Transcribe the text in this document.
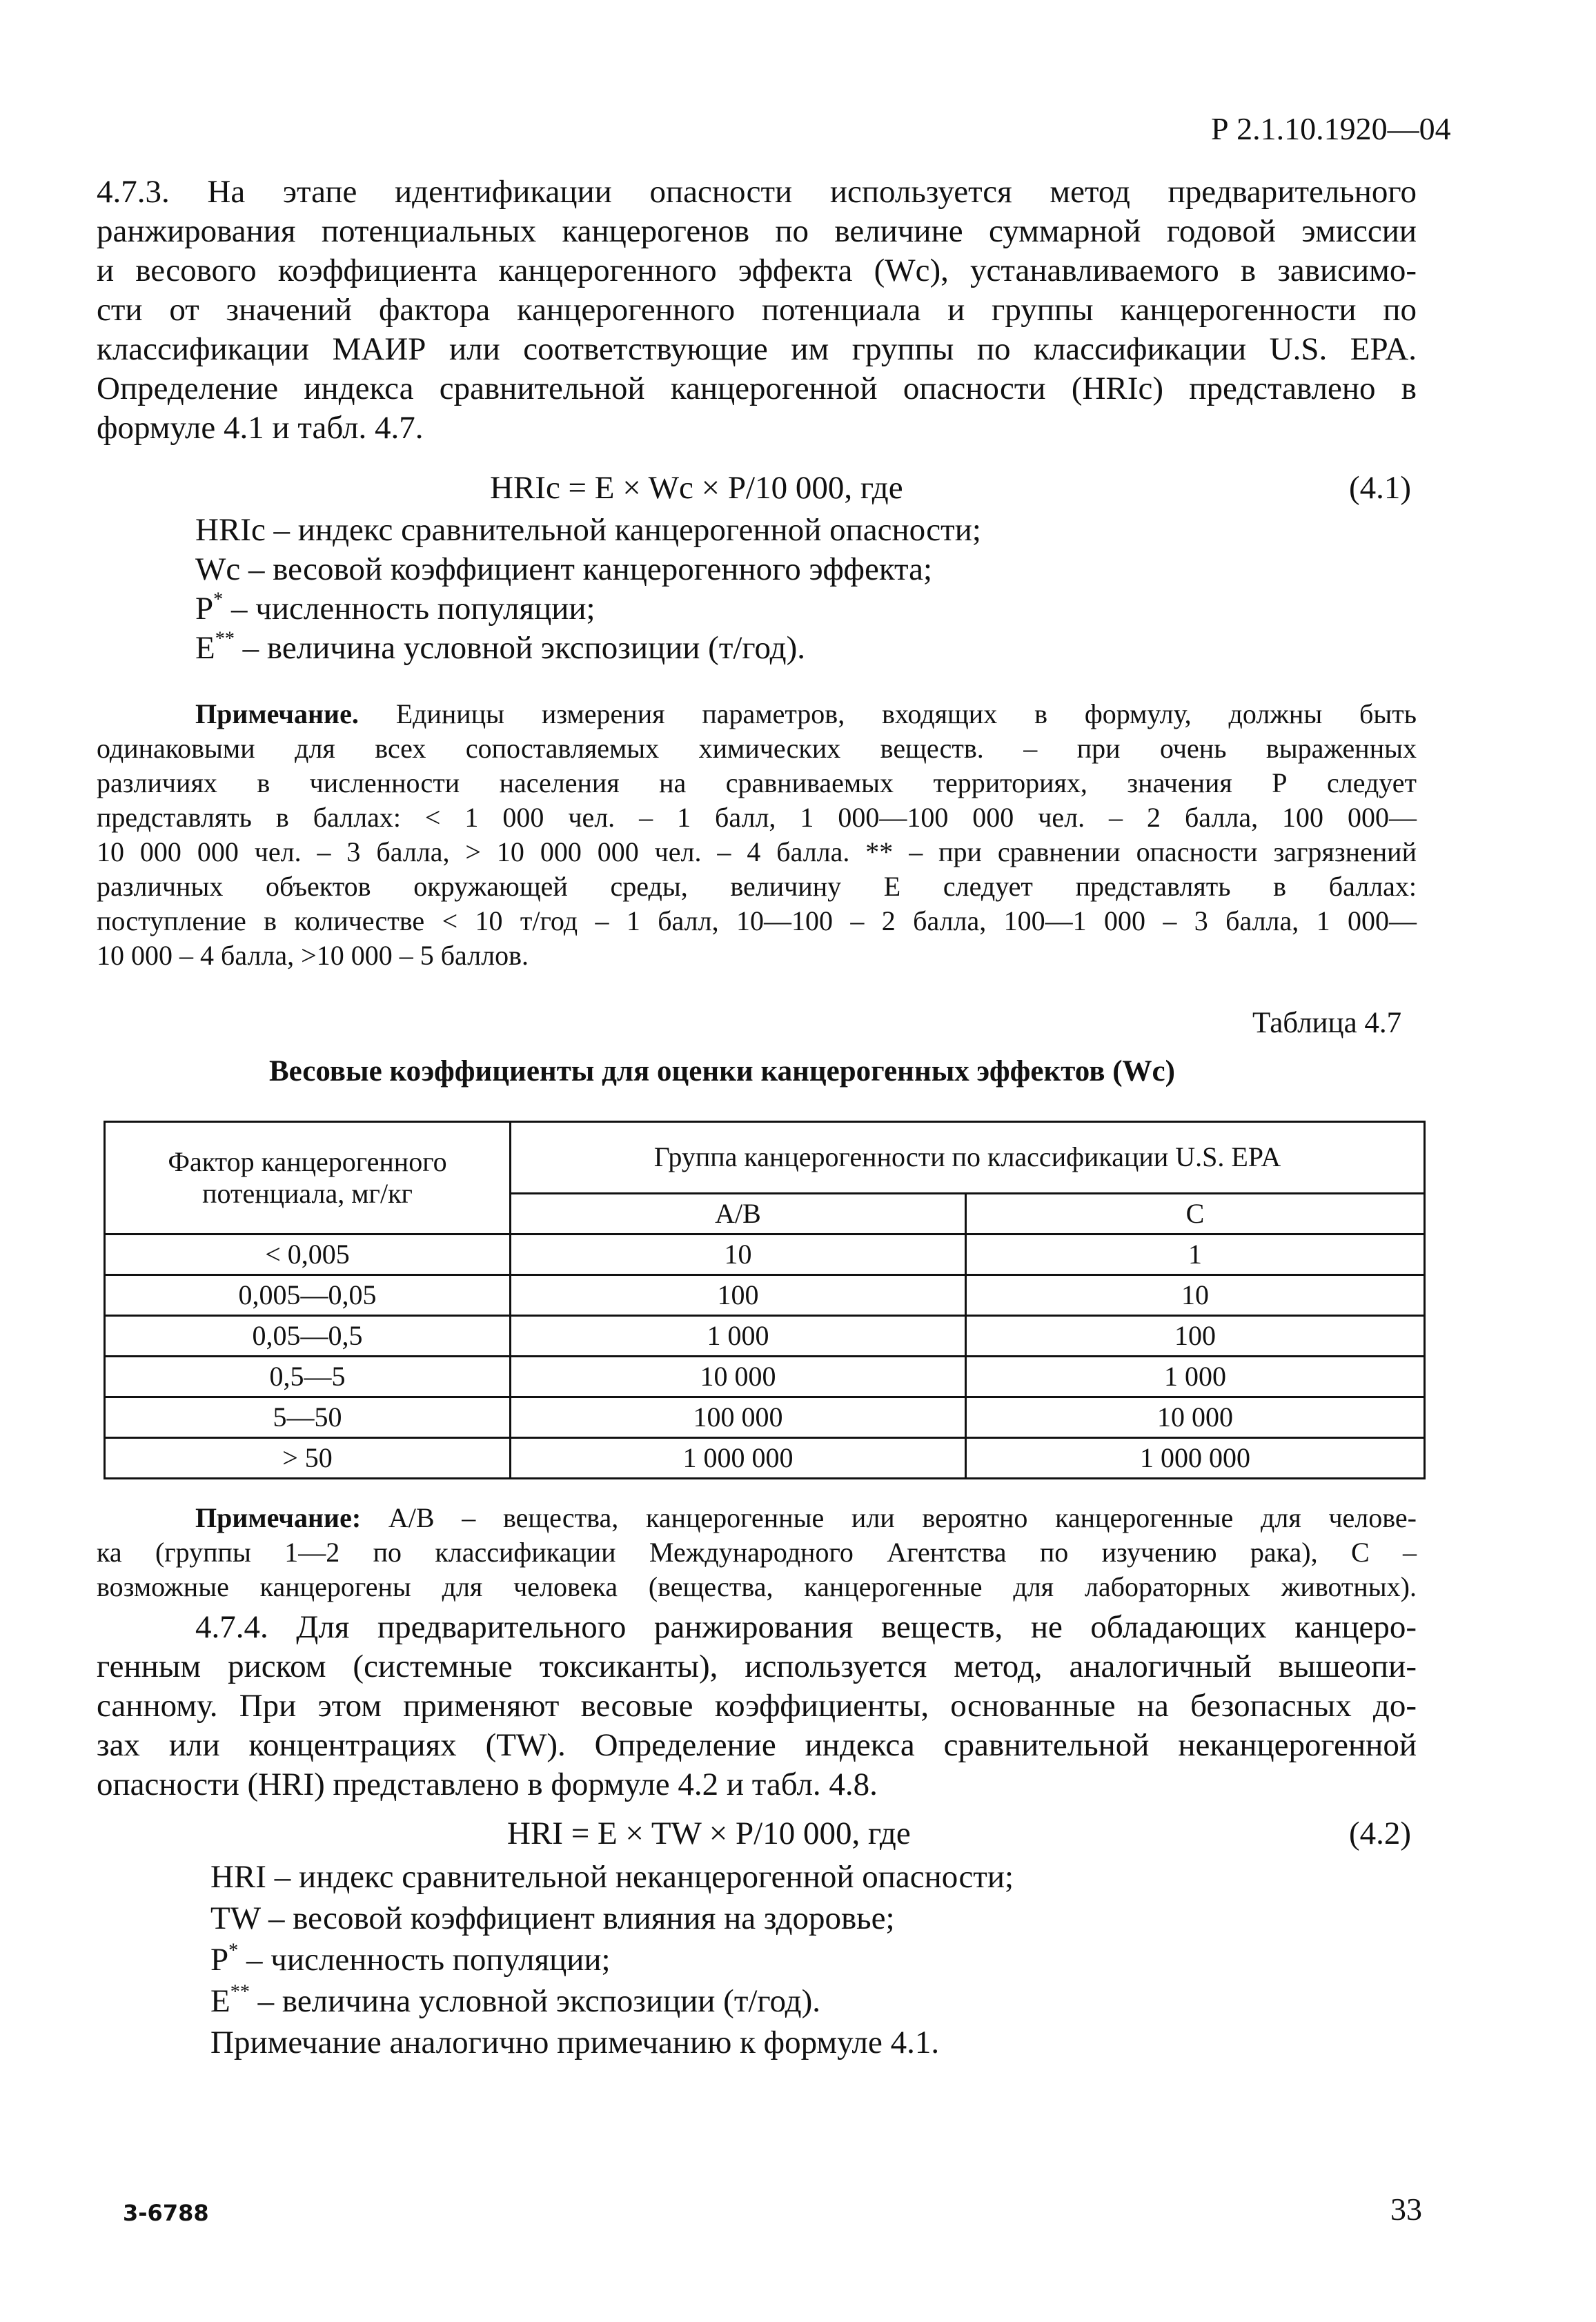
Р 2.1.10.1920—04
4.7.3. На этапе идентификации опасности используется метод предварительного
ранжирования потенциальных канцерогенов по величине суммарной годовой эмиссии
и весового коэффициента канцерогенного эффекта (Wc), устанавливаемого в зависимо-
сти от значений фактора канцерогенного потенциала и группы канцерогенности по
классификации МАИР или соответствующие им группы по классификации U.S. EPA.
Определение индекса сравнительной канцерогенной опасности (HRIc) представлено в
формуле 4.1 и табл. 4.7.
HRIc = E × Wc × P/10 000, где	(4.1)
HRIc – индекс сравнительной канцерогенной опасности;
Wc – весовой коэффициент канцерогенного эффекта;
P* – численность популяции;
E** – величина условной экспозиции (т/год).
Примечание. Единицы измерения параметров, входящих в формулу, должны быть
одинаковыми для всех сопоставляемых химических веществ. – при очень выраженных
различиях в численности населения на сравниваемых территориях, значения Р следует
представлять в баллах: < 1 000 чел. – 1 балл, 1 000—100 000 чел. – 2 балла, 100 000—
10 000 000 чел. – 3 балла, > 10 000 000 чел. – 4 балла. ** – при сравнении опасности загрязнений
различных объектов окружающей среды, величину Е следует представлять в баллах:
поступление в количестве < 10 т/год – 1 балл, 10—100 – 2 балла, 100—1 000 – 3 балла, 1 000—
10 000 – 4 балла, >10 000 – 5 баллов.
Таблица 4.7
Весовые коэффициенты для оценки канцерогенных эффектов (Wc)
Фактор канцерогенного потенциала, мг/кг	Группа канцерогенности по классификации U.S. EPA	
	A/B	C
< 0,005	10	1
0,005—0,05	100	10
0,05—0,5	1 000	100
0,5—5	10 000	1 000
5—50	100 000	10 000
> 50	1 000 000	1 000 000
Примечание: A/B – вещества, канцерогенные или вероятно канцерогенные для челове-
ка (группы 1—2 по классификации Международного Агентства по изучению рака), С –
возможные канцерогены для человека (вещества, канцерогенные для лабораторных животных).
4.7.4. Для предварительного ранжирования веществ, не обладающих канцеро-
генным риском (системные токсиканты), используется метод, аналогичный вышеопи-
санному. При этом применяют весовые коэффициенты, основанные на безопасных до-
зах или концентрациях (TW). Определение индекса сравнительной неканцерогенной
опасности (HRI) представлено в формуле 4.2 и табл. 4.8.
HRI = E × TW × P/10 000, где	(4.2)
HRI – индекс сравнительной неканцерогенной опасности;
TW – весовой коэффициент влияния на здоровье;
P* – численность популяции;
E** – величина условной экспозиции (т/год).
Примечание аналогично примечанию к формуле 4.1.
3-6788	33
